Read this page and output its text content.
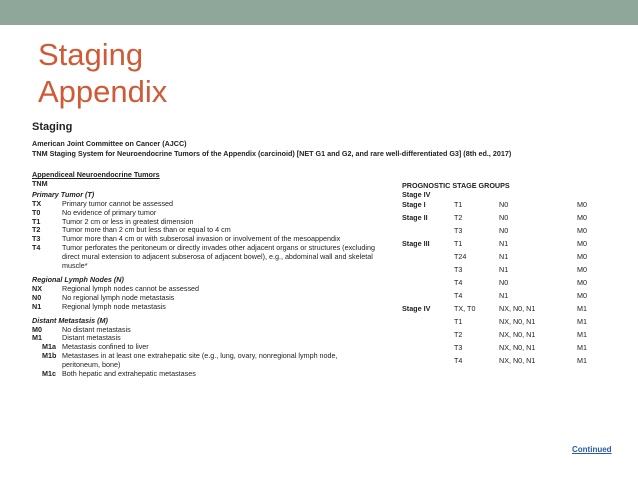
Staging
Appendix
Staging
American Joint Committee on Cancer (AJCC)
TNM Staging System for Neuroendocrine Tumors of the Appendix (carcinoid) [NET G1 and G2, and rare well-differentiated G3] (8th ed., 2017)
Appendiceal Neuroendocrine Tumors
TNM
Primary Tumor (T)
TX	Primary tumor cannot be assessed
T0	No evidence of primary tumor
T1	Tumor 2 cm or less in greatest dimension
T2	Tumor more than 2 cm but less than or equal to 4 cm
T3	Tumor more than 4 cm or with subserosal invasion or involvement of the mesoappendix
T4	Tumor perforates the peritoneum or directly invades other adjacent organs or structures (excluding direct mural extension to adjacent subserosa of adjacent bowel), e.g., abdominal wall and skeletal muscle*
Regional Lymph Nodes (N)
NX	Regional lymph nodes cannot be assessed
N0	No regional lymph node metastasis
N1	Regional lymph node metastasis
Distant Metastasis (M)
M0	No distant metastasis
M1	Distant metastasis
M1a Metastasis confined to liver
M1b Metastases in at least one extrahepatic site (e.g., lung, ovary, nonregional lymph node, peritoneum, bone)
M1c Both hepatic and extrahepatic metastases
PROGNOSTIC STAGE GROUPS
Stage IV
Stage I	T1	N0	M0
Stage II	T2	N0	M0
	T3	N0	M0
Stage III	T1	N1	M0
	T24	N1	M0
	T3	N1	M0
	T4	N0	M0
	T4	N1	M0
Stage IV	TX, T0	NX, N0, N1	M1
	T1	NX, N0, N1	M1
	T2	NX, N0, N1	M1
	T3	NX, N0, N1	M1
	T4	NX, N0, N1	M1
Continued
